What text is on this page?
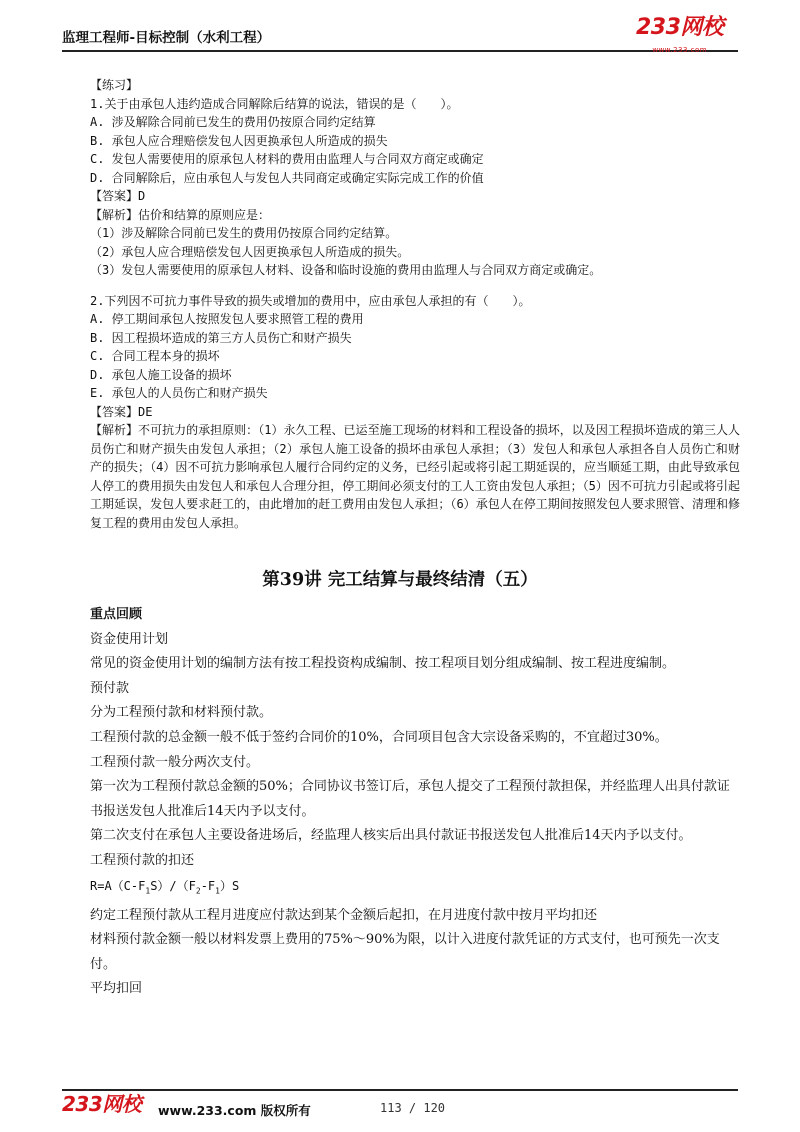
监理工程师-目标控制（水利工程）	233网校
www.233.com

【练习】

1.关于由承包人违约造成合同解除后结算的说法，错误的是（　　）。

A. 涉及解除合同前已发生的费用仍按原合同约定结算

B. 承包人应合理赔偿发包人因更换承包人所造成的损失

C. 发包人需要使用的原承包人材料的费用由监理人与合同双方商定或确定

D. 合同解除后，应由承包人与发包人共同商定或确定实际完成工作的价值

【答案】D

【解析】估价和结算的原则应是：

（1）涉及解除合同前已发生的费用仍按原合同约定结算。

（2）承包人应合理赔偿发包人因更换承包人所造成的损失。

（3）发包人需要使用的原承包人材料、设备和临时设施的费用由监理人与合同双方商定或确定。

2.下列因不可抗力事件导致的损失或增加的费用中，应由承包人承担的有（　　）。

A. 停工期间承包人按照发包人要求照管工程的费用

B. 因工程损坏造成的第三方人员伤亡和财产损失

C. 合同工程本身的损坏

D. 承包人施工设备的损坏

E. 承包人的人员伤亡和财产损失

【答案】DE

【解析】不可抗力的承担原则：（1）永久工程、已运至施工现场的材料和工程设备的损坏，以及因工程损坏造成的第三人人员伤亡和财产损失由发包人承担；（2）承包人施工设备的损坏由承包人承担；（3）发包人和承包人承担各自人员伤亡和财产的损失；（4）因不可抗力影响承包人履行合同约定的义务，已经引起或将引起工期延误的，应当顺延工期，由此导致承包人停工的费用损失由发包人和承包人合理分担，停工期间必须支付的工人工资由发包人承担；（5）因不可抗力引起或将引起工期延误，发包人要求赶工的，由此增加的赶工费用由发包人承担；（6）承包人在停工期间按照发包人要求照管、清理和修复工程的费用由发包人承担。

第39讲 完工结算与最终结清（五）

重点回顾

资金使用计划

常见的资金使用计划的编制方法有按工程投资构成编制、按工程项目划分组成编制、按工程进度编制。

预付款

分为工程预付款和材料预付款。

工程预付款的总金额一般不低于签约合同价的10%，合同项目包含大宗设备采购的，不宜超过30%。

工程预付款一般分两次支付。

第一次为工程预付款总金额的50%；合同协议书签订后，承包人提交了工程预付款担保，并经监理人出具付款证书报送发包人批准后14天内予以支付。

第二次支付在承包人主要设备进场后，经监理人核实后出具付款证书报送发包人批准后14天内予以支付。

工程预付款的扣还

$R=A(C-F_1S)/(F_2-F_1)S$

约定工程预付款从工程月进度应付款达到某个金额后起扣，在月进度付款中按月平均扣还

材料预付款金额一般以材料发票上费用的75%～90%为限，以计入进度付款凭证的方式支付，也可预先一次支付。

平均扣回

233网校 www.233.com 版权所有	113 / 120
